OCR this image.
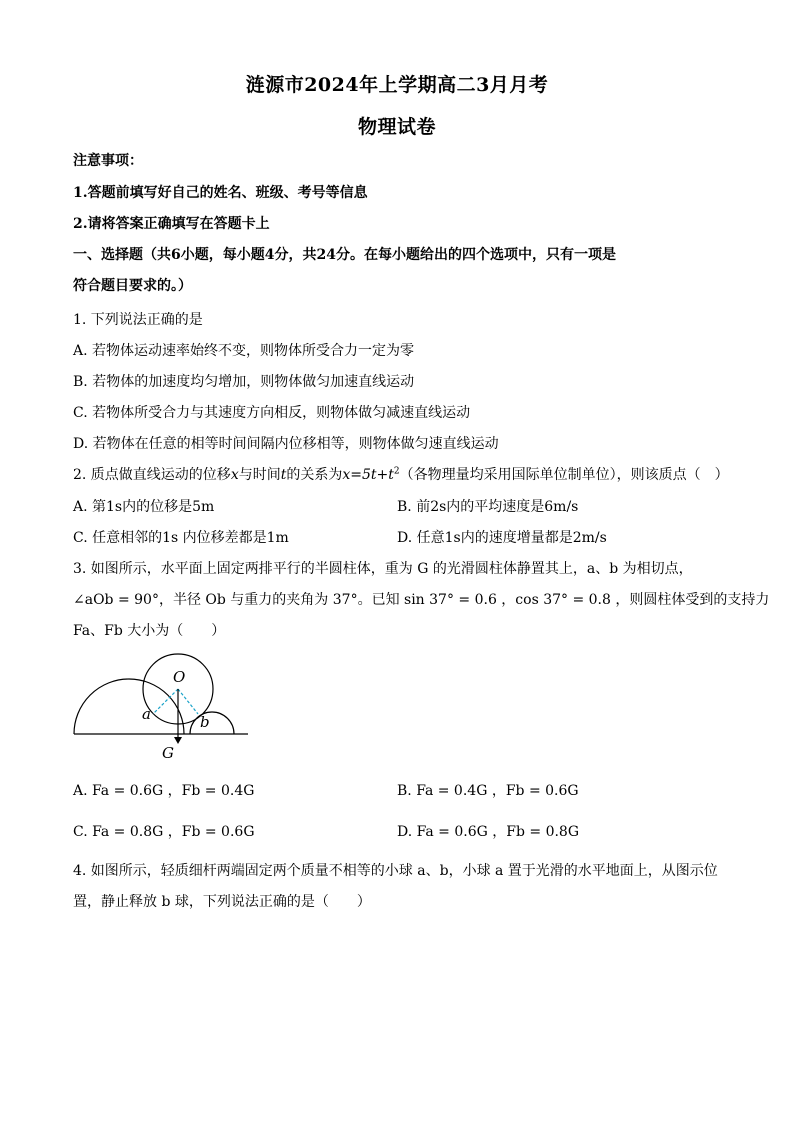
涟源市2024年上学期高二3月月考
物理试卷
注意事项：
1.答题前填写好自己的姓名、班级、考号等信息
2.请将答案正确填写在答题卡上
一、选择题（共6小题，每小题4分，共24分。在每小题给出的四个选项中，只有一项是
符合题目要求的。）
1. 下列说法正确的是
A. 若物体运动速率始终不变，则物体所受合力一定为零
B. 若物体的加速度均匀增加，则物体做匀加速直线运动
C. 若物体所受合力与其速度方向相反，则物体做匀减速直线运动
D. 若物体在任意的相等时间间隔内位移相等，则物体做匀速直线运动
2. 质点做直线运动的位移x与时间t的关系为$x=5t+t^2$（各物理量均采用国际单位制单位），则该质点（　）
A. 第1s内的位移是5m	B. 前2s内的平均速度是6m/s
C. 任意相邻的1s 内位移差都是1m	D. 任意1s内的速度增量都是2m/s
3. 如图所示，水平面上固定两排平行的半圆柱体，重为 G 的光滑圆柱体静置其上，a、b 为相切点，
∠aOb = 90°，半径 Ob 与重力的夹角为 37°。已知 sin 37° = 0.6 ，cos 37° = 0.8 ，则圆柱体受到的支持力
Fa、Fb 大小为（　　）
O
a	b
G
A. Fa = 0.6G ，Fb = 0.4G	B. Fa = 0.4G ，Fb = 0.6G
C. Fa = 0.8G ，Fb = 0.6G	D. Fa = 0.6G ，Fb = 0.8G
4. 如图所示，轻质细杆两端固定两个质量不相等的小球 a、b，小球 a 置于光滑的水平地面上，从图示位
置，静止释放 b 球，下列说法正确的是（　　）
